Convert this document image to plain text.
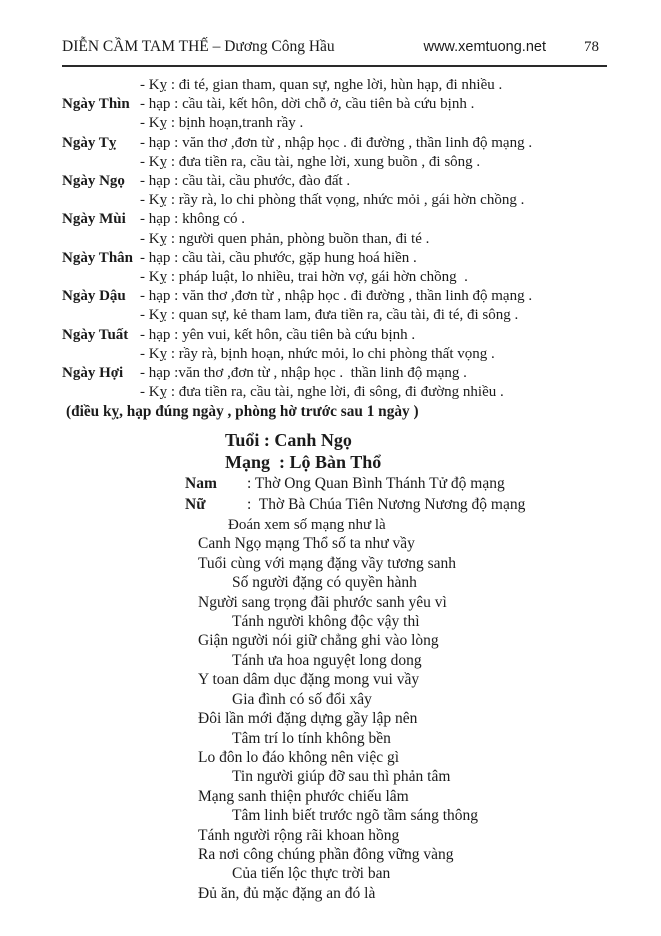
DIỄN CẦM TAM THẾ – Dương Công Hầu	www.xemtuong.net	78
- Kỵ : đi té, gian tham, quan sự, nghe lời, hùn hạp, đi nhiều .
Ngày Thìn - hạp : cầu tài, kết hôn, dời chỗ ở, cầu tiên bà cứu bịnh .
- Kỵ : bịnh hoạn,tranh rầy .
Ngày Tỵ	- hạp : văn thơ ,đơn từ , nhập học . đi đường , thần linh độ mạng .
- Kỵ : đưa tiền ra, cầu tài, nghe lời, xung buồn , đi sông .
Ngày Ngọ	- hạp : cầu tài, cầu phước, đào đất .
- Kỵ : rầy rà, lo chi phòng thất vọng, nhức mỏi , gái hờn chồng .
Ngày Mùi - hạp : không có .
- Kỵ : người quen phản, phòng buồn than, đi té .
Ngày Thân - hạp : cầu tài, cầu phước, gặp hung hoá hiền .
- Kỵ : pháp luật, lo nhiều, trai hờn vợ, gái hờn chồng  .
Ngày Dậu - hạp : văn thơ ,đơn từ , nhập học . đi đường , thần linh độ mạng .
- Kỵ : quan sự, kẻ tham lam, đưa tiền ra, cầu tài, đi té, đi sông .
Ngày Tuất - hạp : yên vui, kết hôn, cầu tiên bà cứu bịnh .
- Kỵ : rầy rà, bịnh hoạn, nhức mỏi, lo chi phòng thất vọng .
Ngày Hợi	- hạp :văn thơ ,đơn từ , nhập học .  thần linh độ mạng .
- Kỵ : đưa tiền ra, cầu tài, nghe lời, đi sông, đi đường nhiều .

(điều kỵ, hạp đúng ngày , phòng hờ trước sau 1 ngày )

Tuổi : Canh Ngọ
Mạng  : Lộ Bàn Thổ
Nam : Thờ Ong Quan Bình Thánh Tử độ mạng
Nữ	:  Thờ Bà Chúa Tiên Nương Nương độ mạng
Đoán xem số mạng như là
Canh Ngọ mạng Thổ số ta như vầy
Tuổi cùng với mạng đặng vầy tương sanh
Số người đặng có quyền hành
Người sang trọng đãi phước sanh yêu vì
Tánh người không độc vậy thì
Giận người nói giữ chẳng ghi vào lòng
Tánh ưa hoa nguyệt long dong
Y toan dâm dục đặng mong vui vầy
Gia đình có số đổi xây
Đôi lần mới đặng dựng gầy lập nên
Tâm trí lo tính không bền
Lo đôn lo đáo không nên việc gì
Tin người giúp đỡ sau thì phản tâm
Mạng sanh thiện phước chiếu lâm
Tâm linh biết trước ngõ tầm sáng thông
Tánh người rộng rãi khoan hồng
Ra nơi công chúng phần đông vững vàng
Của tiến lộc thực trời ban
Đủ ăn, đủ mặc đặng an đó là
